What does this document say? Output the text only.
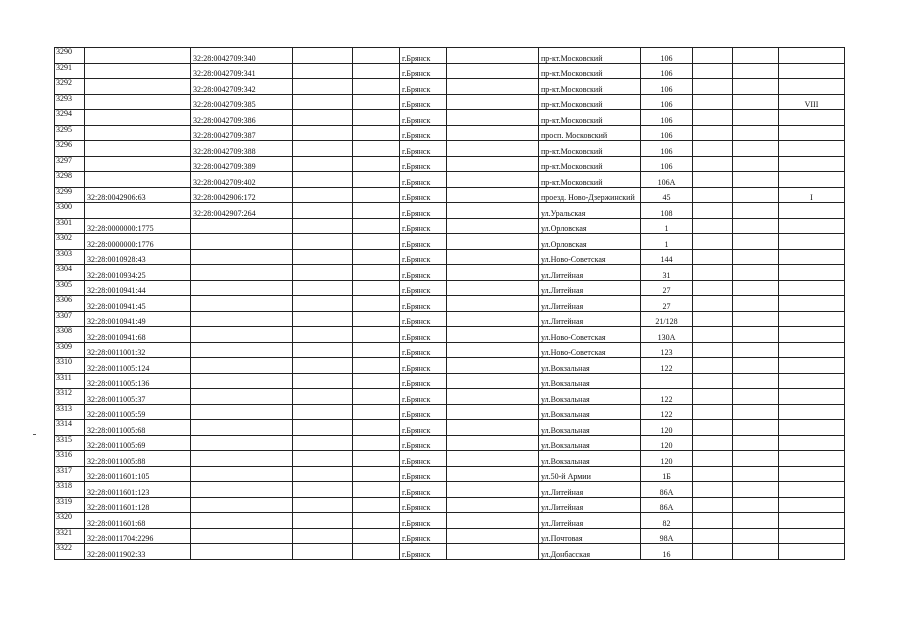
3290		32:28:0042709:340			г.Брянск		пр-кт.Московский	106			
3291		32:28:0042709:341			г.Брянск		пр-кт.Московский	106			
3292		32:28:0042709:342			г.Брянск		пр-кт.Московский	106			
3293		32:28:0042709:385			г.Брянск		пр-кт.Московский	106			VIII
3294		32:28:0042709:386			г.Брянск		пр-кт.Московский	106			
3295		32:28:0042709:387			г.Брянск		просп. Московский	106			
3296		32:28:0042709:388			г.Брянск		пр-кт.Московский	106			
3297		32:28:0042709:389			г.Брянск		пр-кт.Московский	106			
3298		32:28:0042709:402			г.Брянск		пр-кт.Московский	106А			
3299	32:28:0042906:63	32:28:0042906:172			г.Брянск		проезд. Ново-Дзержинский	45			I
3300		32:28:0042907:264			г.Брянск		ул.Уральская	108			
3301	32:28:0000000:1775				г.Брянск		ул.Орловская	1			
3302	32:28:0000000:1776				г.Брянск		ул.Орловская	1			
3303	32:28:0010928:43				г.Брянск		ул.Ново-Советская	144			
3304	32:28:0010934:25				г.Брянск		ул.Литейная	31			
3305	32:28:0010941:44				г.Брянск		ул.Литейная	27			
3306	32:28:0010941:45				г.Брянск		ул.Литейная	27			
3307	32:28:0010941:49				г.Брянск		ул.Литейная	21/128			
3308	32:28:0010941:68				г.Брянск		ул.Ново-Советская	130А			
3309	32:28:0011001:32				г.Брянск		ул.Ново-Советская	123			
3310	32:28:0011005:124				г.Брянск		ул.Вокзальная	122			
3311	32:28:0011005:136				г.Брянск		ул.Вокзальная				
3312	32:28:0011005:37				г.Брянск		ул.Вокзальная	122			
3313	32:28:0011005:59				г.Брянск		ул.Вокзальная	122			
3314	32:28:0011005:68				г.Брянск		ул.Вокзальная	120			
3315	32:28:0011005:69				г.Брянск		ул.Вокзальная	120			
3316	32:28:0011005:88				г.Брянск		ул.Вокзальная	120			
3317	32:28:0011601:105				г.Брянск		ул.50-й Армии	1Б			
3318	32:28:0011601:123				г.Брянск		ул.Литейная	86А			
3319	32:28:0011601:128				г.Брянск		ул.Литейная	86А			
3320	32:28:0011601:68				г.Брянск		ул.Литейная	82			
3321	32:28:0011704:2296				г.Брянск		ул.Почтовая	98А			
3322	32:28:0011902:33				г.Брянск		ул.Донбасская	16			
